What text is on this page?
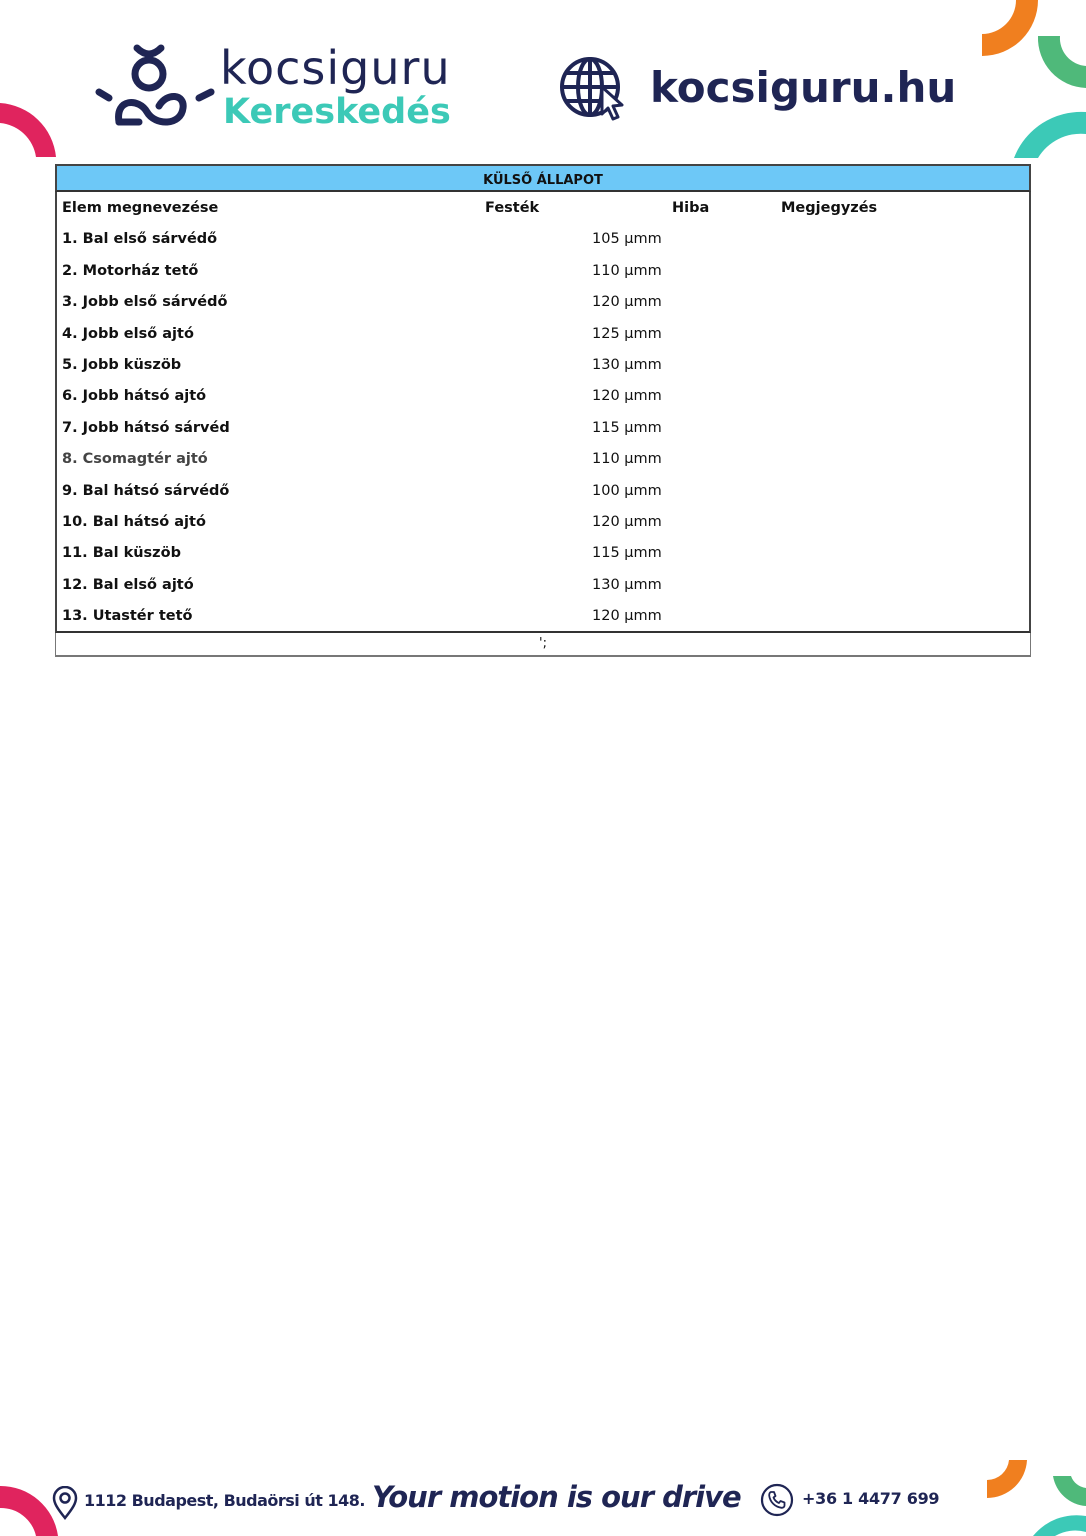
kocsiguru
Kereskedés	kocsiguru.hu
KÜLSŐ ÁLLAPOT
Elem megnevezése	Festék	Hiba	Megjegyzés
1. Bal első sárvédő	105 μmm
2. Motorház tető	110 μmm
3. Jobb első sárvédő	120 μmm
4. Jobb első ajtó	125 μmm
5. Jobb küszöb	130 μmm
6. Jobb hátsó ajtó	120 μmm
7. Jobb hátsó sárvéd	115 μmm
8. Csomagtér ajtó	110 μmm
9. Bal hátsó sárvédő	100 μmm
10. Bal hátsó ajtó	120 μmm
11. Bal küszöb	115 μmm
12. Bal első ajtó	130 μmm
13. Utastér tető	120 μmm
';
1112 Budapest, Budaörsi út 148. Your motion is our drive	+36 1 4477 699
